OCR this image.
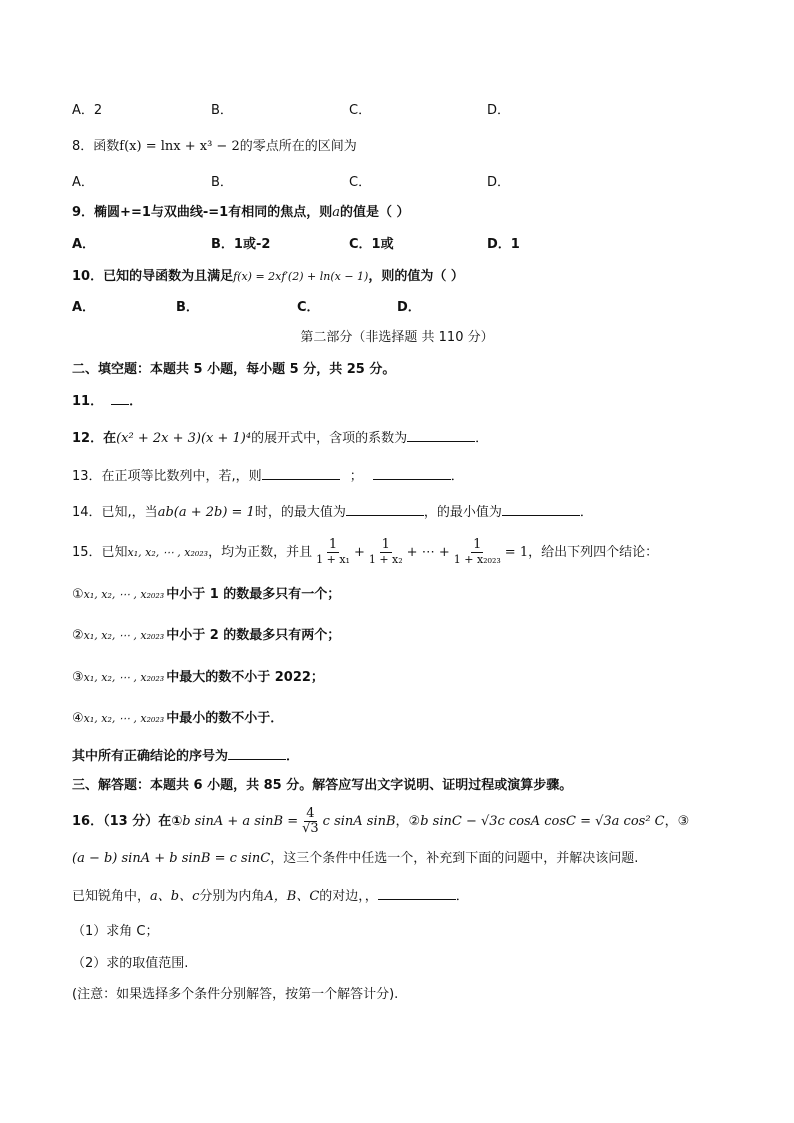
A．2	B．	C．	D．
8．函数f(x) = lnx + x³ − 2的零点所在的区间为
A．	B．	C．	D．
9．椭圆+=1与双曲线-=1有相同的焦点，则a的值是（ ）
A．	B．1或-2	C．1或	D．1
10．已知的导函数为且满足f(x) = 2xf′(2) + ln(x − 1)，则的值为（ ）
A．	B．	C．	D．
第二部分（非选择题 共 110 分）
二、填空题：本题共 5 小题，每小题 5 分，共 25 分。
11． ．
12．在(x² + 2x + 3)(x + 1)⁴的展开式中，含项的系数为	．
13．在正项等比数列中，若,，则	；	．
14．已知,，当ab(a + 2b) = 1时，的最大值为	，的最小值为	．
15．已知x₁, x₂, ⋯ , x₂₀₂₃，均为正数，并且 $\frac{1}{\text{1 + x₁}} + \frac{1}{\text{1 + x₂}}$ + ⋯ + $\frac{1}{\text{1 + x₂₀₂₃}} = 1$，给出下列四个结论：
①x₁, x₂, ⋯ , x₂₀₂₃ 中小于 1 的数最多只有一个；
②x₁, x₂, ⋯ , x₂₀₂₃ 中小于 2 的数最多只有两个；
③x₁, x₂, ⋯ , x₂₀₂₃ 中最大的数不小于 2022；
④x₁, x₂, ⋯ , x₂₀₂₃ 中最小的数不小于．
其中所有正确结论的序号为	．
三、解答题：本题共 6 小题，共 85 分。解答应写出文字说明、证明过程或演算步骤。
16．（13 分）在①b sinA + a $\sin B = \frac{4}{√3}$ c sinA sinB，②b sinC − √3c cosA cosC = √3a cos² C，③
(a − b) sinA + b sinB = c sinC，这三个条件中任选一个，补充到下面的问题中，并解决该问题.
已知锐角中，a、b、c分别为内角A，B、C的对边，，	．
（1）求角 C；
（2）求的取值范围.
(注意：如果选择多个条件分别解答，按第一个解答计分).
